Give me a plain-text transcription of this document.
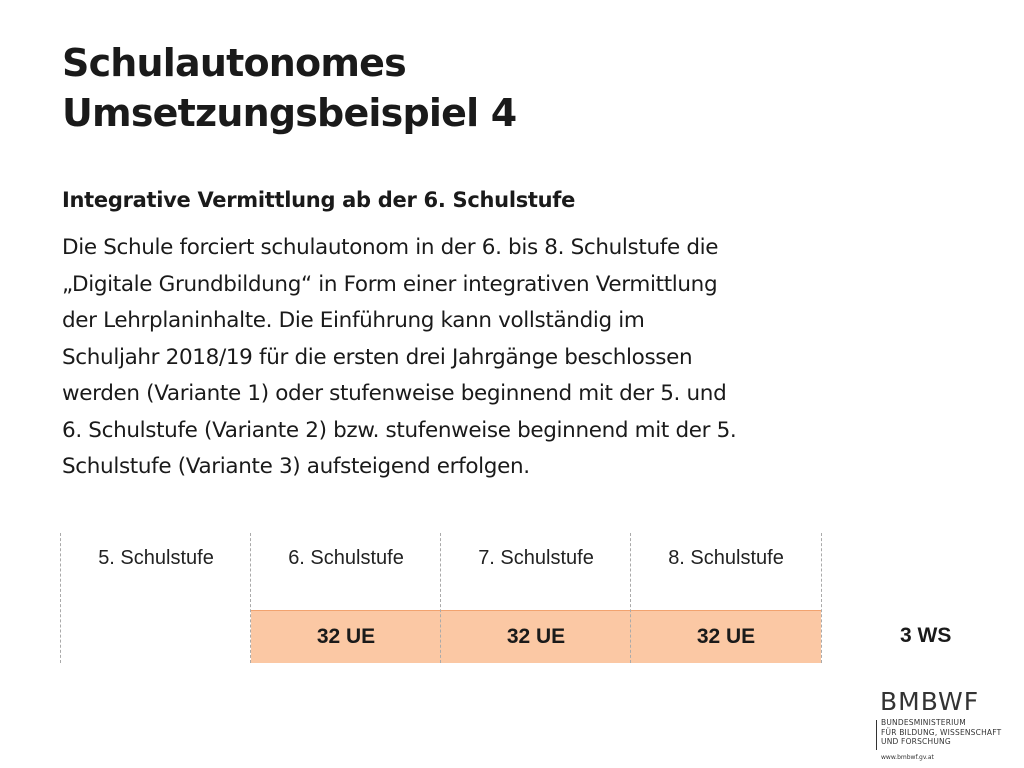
Schulautonomes
Umsetzungsbeispiel 4
Integrative Vermittlung ab der 6. Schulstufe

Die Schule forciert schulautonom in der 6. bis 8. Schulstufe die
„Digitale Grundbildung“ in Form einer integrativen Vermittlung
der Lehrplaninhalte. Die Einführung kann vollständig im
Schuljahr 2018/19 für die ersten drei Jahrgänge beschlossen
werden (Variante 1) oder stufenweise beginnend mit der 5. und
6. Schulstufe (Variante 2) bzw. stufenweise beginnend mit der 5.
Schulstufe (Variante 3) aufsteigend erfolgen.

5. Schulstufe	6. Schulstufe
32 UE
7. Schulstufe
32 UE
8. Schulstufe
32 UE	3 WS
BMBWF
BUNDESMINISTERIUM
FÜR BILDUNG, WISSENSCHAFT
UND FORSCHUNG
www.bmbwf.gv.at
